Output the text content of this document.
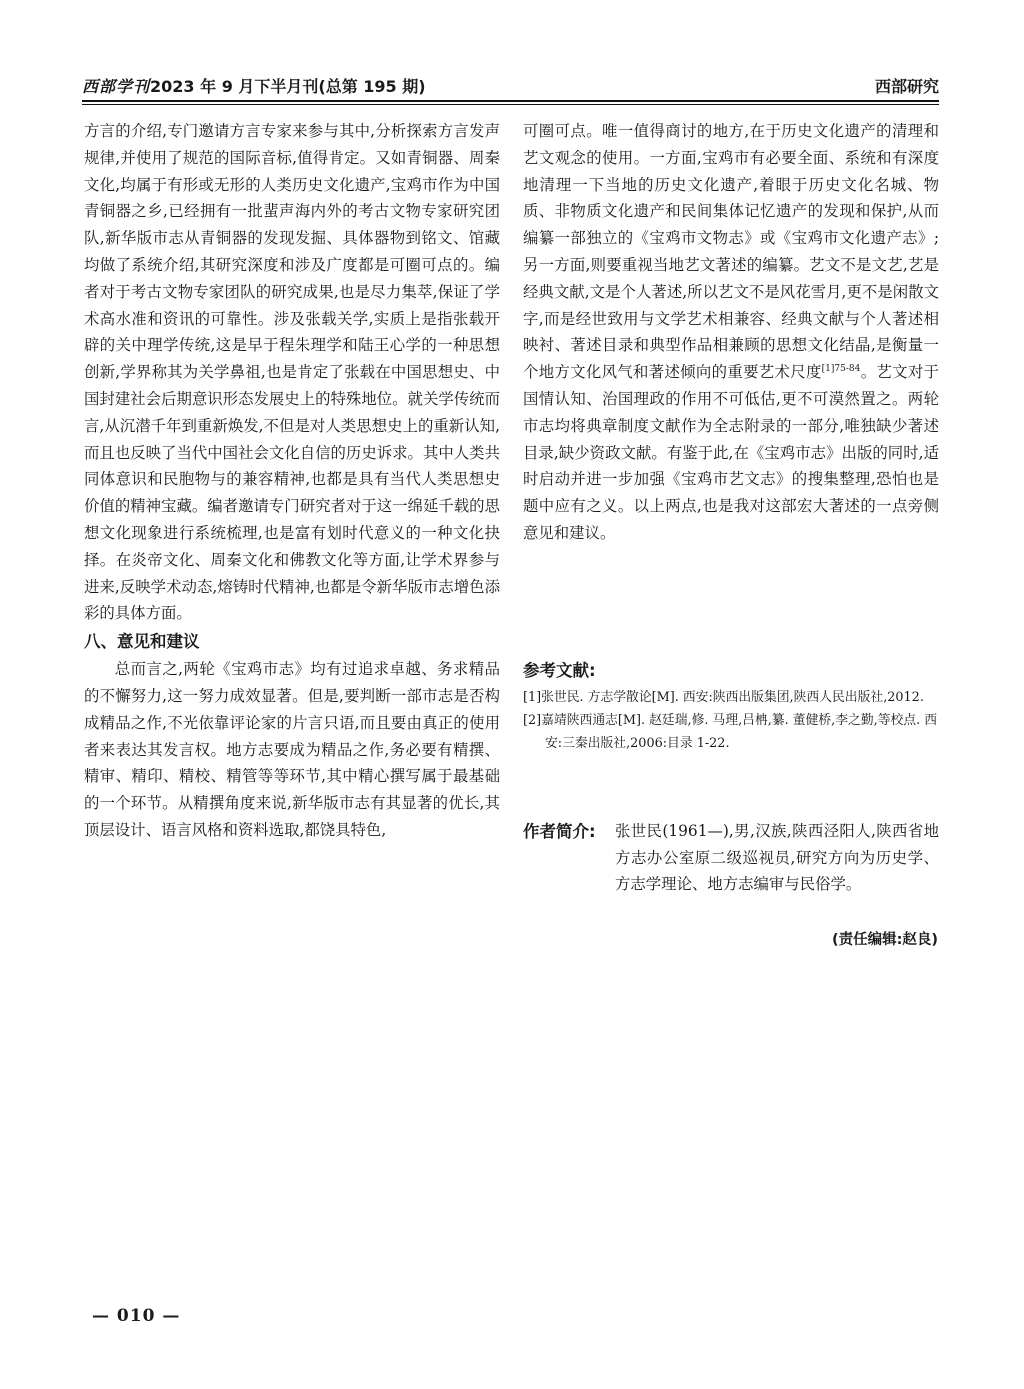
西部学刊2023 年 9 月下半月刊(总第 195 期)	西部研究

方言的介绍,专门邀请方言专家来参与其中,分析探索方言发声规律,并使用了规范的国际音标,值得肯定。又如青铜器、周秦文化,均属于有形或无形的人类历史文化遗产,宝鸡市作为中国青铜器之乡,已经拥有一批蜚声海内外的考古文物专家研究团队,新华版市志从青铜器的发现发掘、具体器物到铭文、馆藏均做了系统介绍,其研究深度和涉及广度都是可圈可点的。编者对于考古文物专家团队的研究成果,也是尽力集萃,保证了学术高水准和资讯的可靠性。涉及张载关学,实质上是指张载开辟的关中理学传统,这是早于程朱理学和陆王心学的一种思想创新,学界称其为关学鼻祖,也是肯定了张载在中国思想史、中国封建社会后期意识形态发展史上的特殊地位。就关学传统而言,从沉潜千年到重新焕发,不但是对人类思想史上的重新认知,而且也反映了当代中国社会文化自信的历史诉求。其中人类共同体意识和民胞物与的兼容精神,也都是具有当代人类思想史价值的精神宝藏。编者邀请专门研究者对于这一绵延千载的思想文化现象进行系统梳理,也是富有划时代意义的一种文化抉择。在炎帝文化、周秦文化和佛教文化等方面,让学术界参与进来,反映学术动态,熔铸时代精神,也都是令新华版市志增色添彩的具体方面。

八、意见和建议

总而言之,两轮《宝鸡市志》均有过追求卓越、务求精品的不懈努力,这一努力成效显著。但是,要判断一部市志是否构成精品之作,不光依靠评论家的片言只语,而且要由真正的使用者来表达其发言权。地方志要成为精品之作,务必要有精撰、精审、精印、精校、精管等等环节,其中精心撰写属于最基础的一个环节。从精撰角度来说,新华版市志有其显著的优长,其顶层设计、语言风格和资料选取,都饶具特色,

可圈可点。唯一值得商讨的地方,在于历史文化遗产的清理和艺文观念的使用。一方面,宝鸡市有必要全面、系统和有深度地清理一下当地的历史文化遗产,着眼于历史文化名城、物质、非物质文化遗产和民间集体记忆遗产的发现和保护,从而编纂一部独立的《宝鸡市文物志》或《宝鸡市文化遗产志》;另一方面,则要重视当地艺文著述的编纂。艺文不是文艺,艺是经典文献,文是个人著述,所以艺文不是风花雪月,更不是闲散文字,而是经世致用与文学艺术相兼容、经典文献与个人著述相映衬、著述目录和典型作品相兼顾的思想文化结晶,是衡量一个地方文化风气和著述倾向的重要艺术尺度$^{[1]75-84}$。艺文对于国情认知、治国理政的作用不可低估,更不可漠然置之。两轮市志均将典章制度文献作为全志附录的一部分,唯独缺少著述目录,缺少资政文献。有鉴于此,在《宝鸡市志》出版的同时,适时启动并进一步加强《宝鸡市艺文志》的搜集整理,恐怕也是题中应有之义。以上两点,也是我对这部宏大著述的一点旁侧意见和建议。

参考文献:

[1]张世民. 方志学散论[M]. 西安:陕西出版集团,陕西人民出版社,2012.

[2]嘉靖陕西通志[M]. 赵廷瑞,修. 马理,吕柟,纂. 董健桥,李之勤,等校点. 西安:三秦出版社,2006:目录 1-22.

作者简介: 张世民(1961—),男,汉族,陕西泾阳人,陕西省地方志办公室原二级巡视员,研究方向为历史学、方志学理论、地方志编审与民俗学。
(责任编辑:赵良)
— 010 —
